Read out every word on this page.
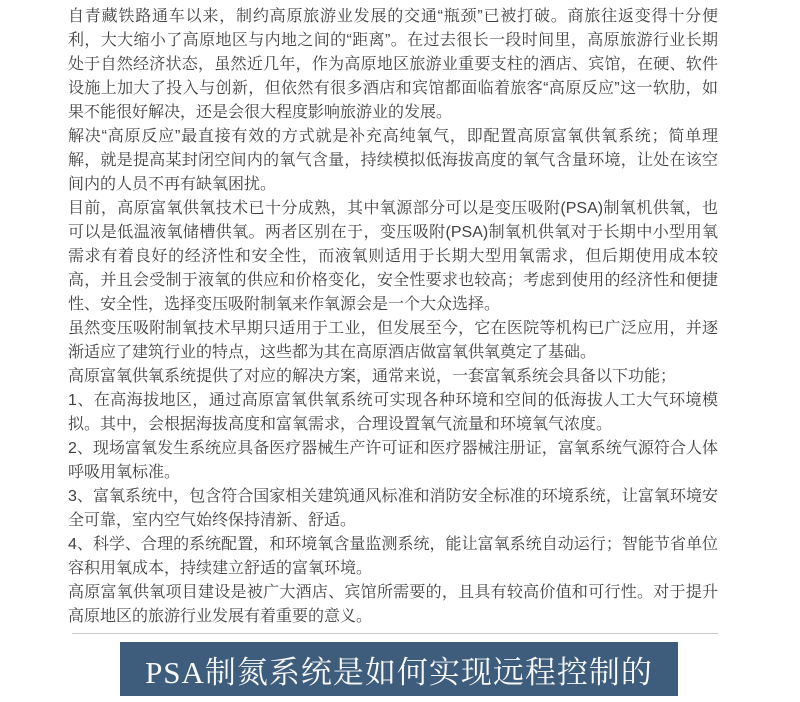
自青藏铁路通车以来，制约高原旅游业发展的交通“瓶颈”已被打破。商旅往返变得十分便利，大大缩小了高原地区与内地之间的“距离”。在过去很长一段时间里，高原旅游行业长期处于自然经济状态，虽然近几年，作为高原地区旅游业重要支柱的酒店、宾馆，在硬、软件设施上加大了投入与创新，但依然有很多酒店和宾馆都面临着旅客“高原反应”这一软肋，如果不能很好解决，还是会很大程度影响旅游业的发展。

解决“高原反应”最直接有效的方式就是补充高纯氧气，即配置高原富氧供氧系统；简单理解，就是提高某封闭空间内的氧气含量，持续模拟低海拔高度的氧气含量环境，让处在该空间内的人员不再有缺氧困扰。

目前，高原富氧供氧技术已十分成熟，其中氧源部分可以是变压吸附(PSA)制氧机供氧，也可以是低温液氧储槽供氧。两者区别在于，变压吸附(PSA)制氧机供氧对于长期中小型用氧需求有着良好的经济性和安全性，而液氧则适用于长期大型用氧需求，但后期使用成本较高，并且会受制于液氧的供应和价格变化，安全性要求也较高；考虑到使用的经济性和便捷性、安全性，选择变压吸附制氧来作氧源会是一个大众选择。

虽然变压吸附制氧技术早期只适用于工业，但发展至今，它在医院等机构已广泛应用，并逐渐适应了建筑行业的特点，这些都为其在高原酒店做富氧供氧奠定了基础。

高原富氧供氧系统提供了对应的解决方案，通常来说，一套富氧系统会具备以下功能；

1、在高海拔地区，通过高原富氧供氧系统可实现各种环境和空间的低海拔人工大气环境模拟。其中，会根据海拔高度和富氧需求，合理设置氧气流量和环境氧气浓度。

2、现场富氧发生系统应具备医疗器械生产许可证和医疗器械注册证，富氧系统气源符合人体呼吸用氧标准。

3、富氧系统中，包含符合国家相关建筑通风标准和消防安全标准的环境系统，让富氧环境安全可靠，室内空气始终保持清新、舒适。

4、科学、合理的系统配置，和环境氧含量监测系统，能让富氧系统自动运行；智能节省单位容积用氧成本，持续建立舒适的富氧环境。

高原富氧供氧项目建设是被广大酒店、宾馆所需要的，且具有较高价值和可行性。对于提升高原地区的旅游行业发展有着重要的意义。

PSA制氮系统是如何实现远程控制的
